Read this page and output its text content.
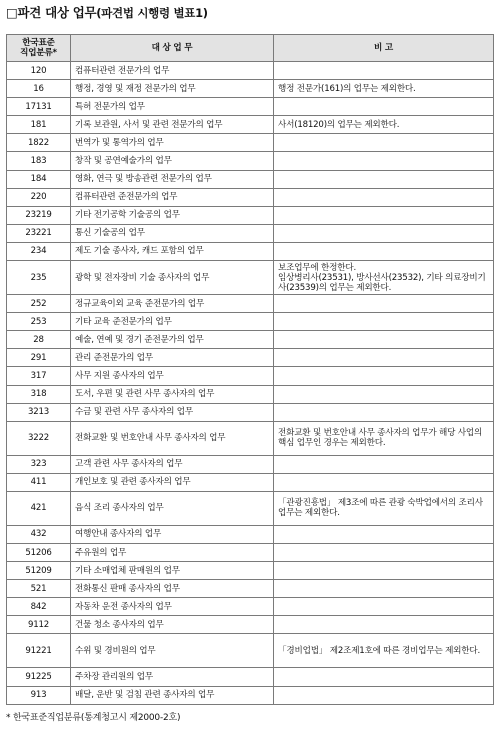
□파견 대상 업무(파견법 시행령 별표1)
한국표준
직업분류*	대 상 업 무	비 고
120	컴퓨터관련 전문가의 업무	
16	행정, 경영 및 재정 전문가의 업무	행정 전문가(161)의 업무는 제외한다.
17131	특허 전문가의 업무	
181	기록 보관원, 사서 및 관련 전문가의 업무	사서(18120)의 업무는 제외한다.
1822	번역가 및 통역가의 업무	
183	창작 및 공연예술가의 업무	
184	영화, 연극 및 방송관련 전문가의 업무	
220	컴퓨터관련 준전문가의 업무	
23219	기타 전기공학 기술공의 업무	
23221	통신 기술공의 업무	
234	제도 기술 종사자, 캐드 포함의 업무	
235	광학 및 전자장비 기술 종사자의 업무	보조업무에 한정한다.
임상병리사(23531), 방사선사(23532), 기타 의료장비기사(23539)의 업무는 제외한다.
252	정규교육이외 교육 준전문가의 업무	
253	기타 교육 준전문가의 업무	
28	예술, 연예 및 경기 준전문가의 업무	
291	관리 준전문가의 업무	
317	사무 지원 종사자의 업무	
318	도서, 우편 및 관련 사무 종사자의 업무	
3213	수금 및 관련 사무 종사자의 업무	
3222	전화교환 및 번호안내 사무 종사자의 업무	전화교환 및 번호안내 사무 종사자의 업무가 해당 사업의 핵심 업무인 경우는 제외한다.
323	고객 관련 사무 종사자의 업무	
411	개인보호 및 관련 종사자의 업무	
421	음식 조리 종사자의 업무	「관광진흥법」 제3조에 따른 관광 숙박업에서의 조리사 업무는 제외한다.
432	여행안내 종사자의 업무	
51206	주유원의 업무	
51209	기타 소매업체 판매원의 업무	
521	전화통신 판매 종사자의 업무	
842	자동차 운전 종사자의 업무	
9112	건물 청소 종사자의 업무	
91221	수위 및 경비원의 업무	「경비업법」 제2조제1호에 따른 경비업무는 제외한다.
91225	주차장 관리원의 업무	
913	배달, 운반 및 검침 관련 종사자의 업무	
* 한국표준직업분류(통계청고시 제2000-2호)
